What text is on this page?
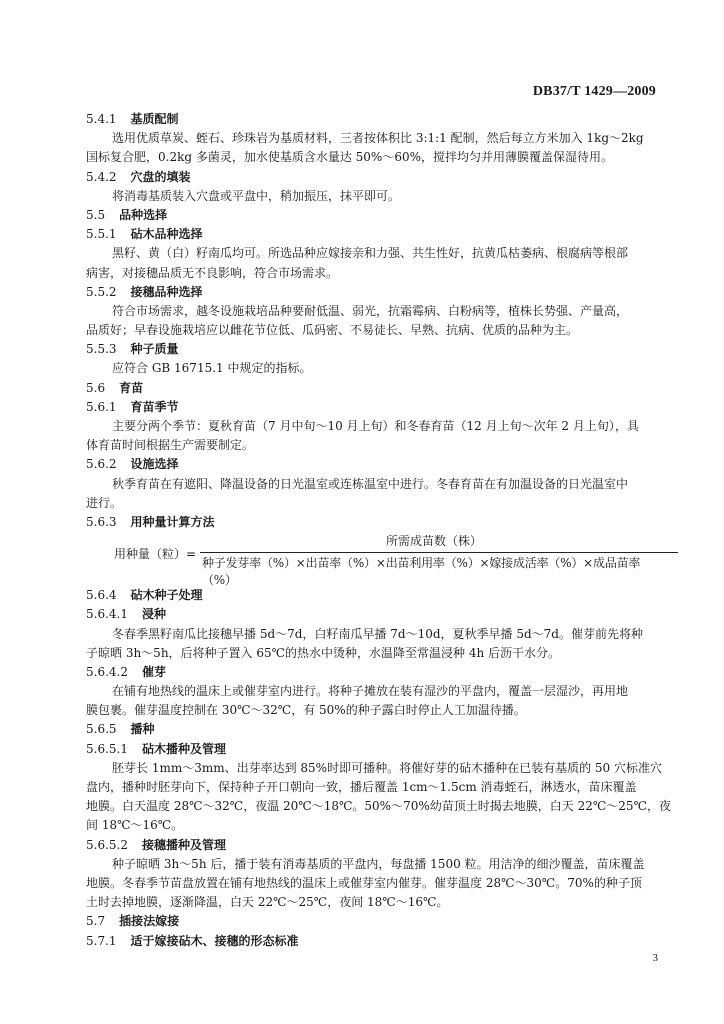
DB37/T 1429—2009
5.4.1 基质配制
选用优质草炭、蛭石、珍珠岩为基质材料，三者按体积比 3:1:1 配制，然后每立方米加入 1kg～2kg
国标复合肥，0.2kg 多菌灵，加水使基质含水量达 50%～60%，搅拌均匀并用薄膜覆盖保湿待用。
5.4.2 穴盘的填装
将消毒基质装入穴盘或平盘中，稍加振压，抹平即可。
5.5 品种选择
5.5.1 砧木品种选择
黑籽、黄（白）籽南瓜均可。所选品种应嫁接亲和力强、共生性好，抗黄瓜枯萎病、根腐病等根部
病害，对接穗品质无不良影响，符合市场需求。
5.5.2 接穗品种选择
符合市场需求，越冬设施栽培品种要耐低温、弱光，抗霜霉病、白粉病等，植株长势强、产量高，
品质好；早春设施栽培应以雌花节位低、瓜码密、不易徒长、早熟、抗病、优质的品种为主。
5.5.3 种子质量
应符合 GB 16715.1 中规定的指标。
5.6 育苗
5.6.1 育苗季节
主要分两个季节：夏秋育苗（7 月中旬～10 月上旬）和冬春育苗（12 月上旬～次年 2 月上旬），具
体育苗时间根据生产需要制定。
5.6.2 设施选择
秋季育苗在有遮阳、降温设备的日光温室或连栋温室中进行。冬春育苗在有加温设备的日光温室中
进行。
5.6.3 用种量计算方法
用种量（粒）=
所需成苗数（株）
种子发芽率（%）×出苗率（%）×出苗利用率（%）×嫁接成活率（%）×成品苗率（%）
5.6.4 砧木种子处理
5.6.4.1 浸种
冬春季黑籽南瓜比接穗早播 5d～7d，白籽南瓜早播 7d～10d，夏秋季早播 5d～7d。催芽前先将种
子晾晒 3h～5h，后将种子置入 65℃的热水中烫种，水温降至常温浸种 4h 后沥干水分。
5.6.4.2 催芽
在铺有地热线的温床上或催芽室内进行。将种子摊放在装有湿沙的平盘内，覆盖一层湿沙，再用地
膜包裹。催芽温度控制在 30℃～32℃，有 50%的种子露白时停止人工加温待播。
5.6.5 播种
5.6.5.1 砧木播种及管理
胚芽长 1mm～3mm、出芽率达到 85%时即可播种。将催好芽的砧木播种在已装有基质的 50 穴标准穴
盘内，播种时胚芽向下，保持种子开口朝向一致，播后覆盖 1cm～1.5cm 消毒蛭石，淋透水，苗床覆盖
地膜。白天温度 28℃～32℃，夜温 20℃～18℃。50%～70%幼苗顶土时揭去地膜，白天 22℃～25℃，夜
间 18℃～16℃。
5.6.5.2 接穗播种及管理
种子晾晒 3h～5h 后，播于装有消毒基质的平盘内，每盘播 1500 粒。用洁净的细沙覆盖，苗床覆盖
地膜。冬春季节苗盘放置在铺有地热线的温床上或催芽室内催芽。催芽温度 28℃～30℃。70%的种子顶
土时去掉地膜，逐渐降温，白天 22℃～25℃，夜间 18℃～16℃。
5.7 插接法嫁接
5.7.1 适于嫁接砧木、接穗的形态标准
3
